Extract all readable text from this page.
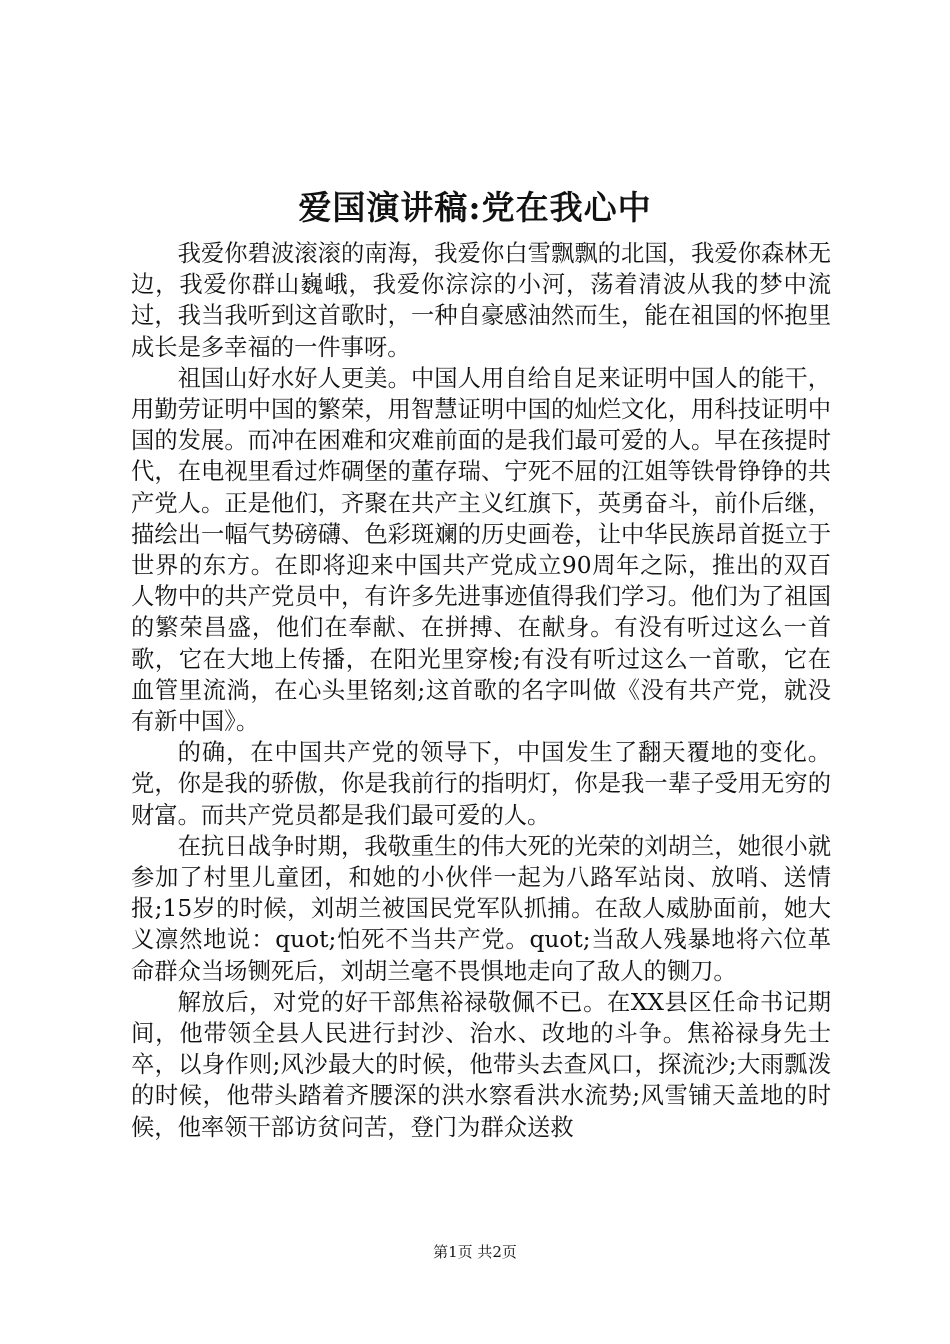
爱国演讲稿:党在我心中

我爱你碧波滚滚的南海，我爱你白雪飘飘的北国，我爱你森林无边，我爱你群山巍峨，我爱你淙淙的小河，荡着清波从我的梦中流过，我当我听到这首歌时，一种自豪感油然而生，能在祖国的怀抱里成长是多幸福的一件事呀。

祖国山好水好人更美。中国人用自给自足来证明中国人的能干，用勤劳证明中国的繁荣，用智慧证明中国的灿烂文化，用科技证明中国的发展。而冲在困难和灾难前面的是我们最可爱的人。早在孩提时代，在电视里看过炸碉堡的董存瑞、宁死不屈的江姐等铁骨铮铮的共产党人。正是他们，齐聚在共产主义红旗下，英勇奋斗，前仆后继，描绘出一幅气势磅礴、色彩斑斓的历史画卷，让中华民族昂首挺立于世界的东方。在即将迎来中国共产党成立90周年之际，推出的双百人物中的共产党员中，有许多先进事迹值得我们学习。他们为了祖国的繁荣昌盛，他们在奉献、在拼搏、在献身。有没有听过这么一首歌，它在大地上传播，在阳光里穿梭;有没有听过这么一首歌，它在血管里流淌，在心头里铭刻;这首歌的名字叫做《没有共产党，就没有新中国》。

的确，在中国共产党的领导下，中国发生了翻天覆地的变化。党，你是我的骄傲，你是我前行的指明灯，你是我一辈子受用无穷的财富。而共产党员都是我们最可爱的人。

在抗日战争时期，我敬重生的伟大死的光荣的刘胡兰，她很小就参加了村里儿童团，和她的小伙伴一起为八路军站岗、放哨、送情报;15岁的时候，刘胡兰被国民党军队抓捕。在敌人威胁面前，她大义凛然地说：quot;怕死不当共产党。quot;当敌人残暴地将六位革命群众当场铡死后，刘胡兰毫不畏惧地走向了敌人的铡刀。

解放后，对党的好干部焦裕禄敬佩不已。在XX县区任命书记期间，他带领全县人民进行封沙、治水、改地的斗争。焦裕禄身先士卒，以身作则;风沙最大的时候，他带头去查风口，探流沙;大雨瓢泼的时候，他带头踏着齐腰深的洪水察看洪水流势;风雪铺天盖地的时候，他率领干部访贫问苦，登门为群众送救

第1页 共2页
